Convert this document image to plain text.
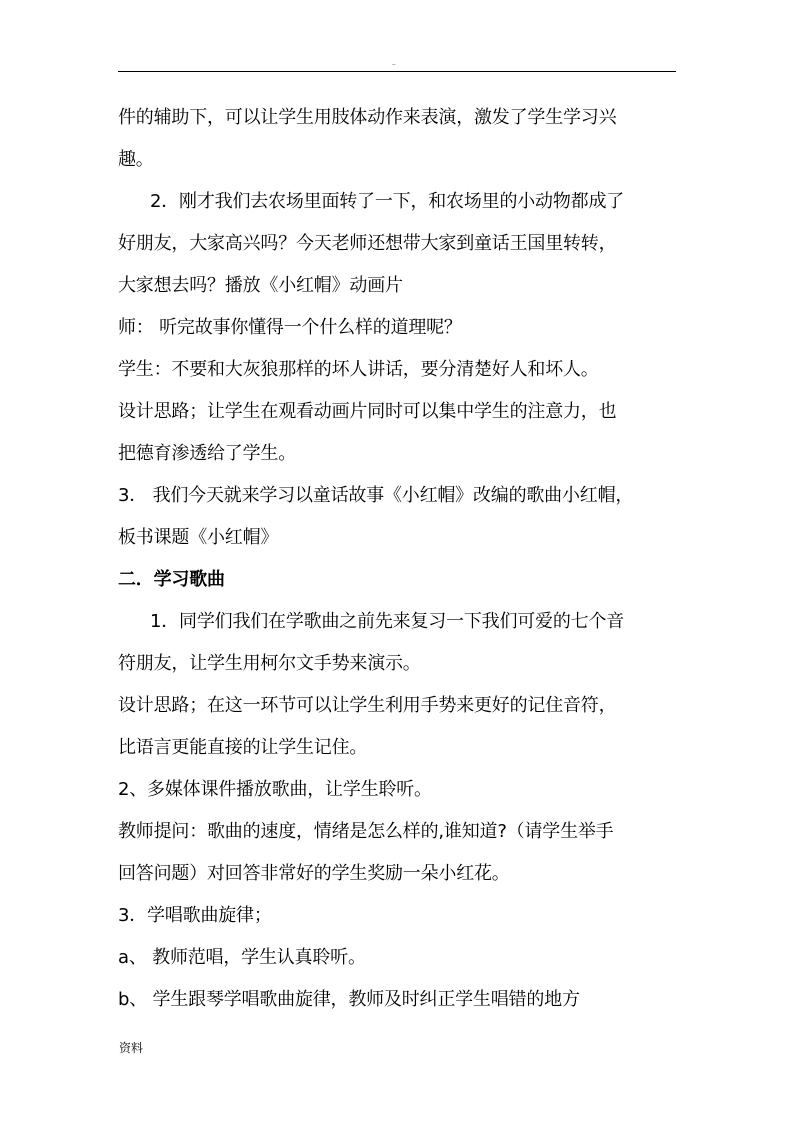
..
件的辅助下，可以让学生用肢体动作来表演，激发了学生学习兴
趣。
2．刚才我们去农场里面转了一下，和农场里的小动物都成了
好朋友，大家高兴吗？今天老师还想带大家到童话王国里转转，
大家想去吗？播放《小红帽》动画片
师： 听完故事你懂得一个什么样的道理呢？
学生：不要和大灰狼那样的坏人讲话，要分清楚好人和坏人。
设计思路；让学生在观看动画片同时可以集中学生的注意力，也
把德育渗透给了学生。
3． 我们今天就来学习以童话故事《小红帽》改编的歌曲小红帽，
板书课题《小红帽》
二．学习歌曲
1．同学们我们在学歌曲之前先来复习一下我们可爱的七个音
符朋友，让学生用柯尔文手势来演示。
设计思路；在这一环节可以让学生利用手势来更好的记住音符，
比语言更能直接的让学生记住。
2、多媒体课件播放歌曲，让学生聆听。
教师提问：歌曲的速度，情绪是怎么样的,谁知道?（请学生举手
回答问题）对回答非常好的学生奖励一朵小红花。
3．学唱歌曲旋律；
a、 教师范唱，学生认真聆听。
b、 学生跟琴学唱歌曲旋律，教师及时纠正学生唱错的地方
资料
